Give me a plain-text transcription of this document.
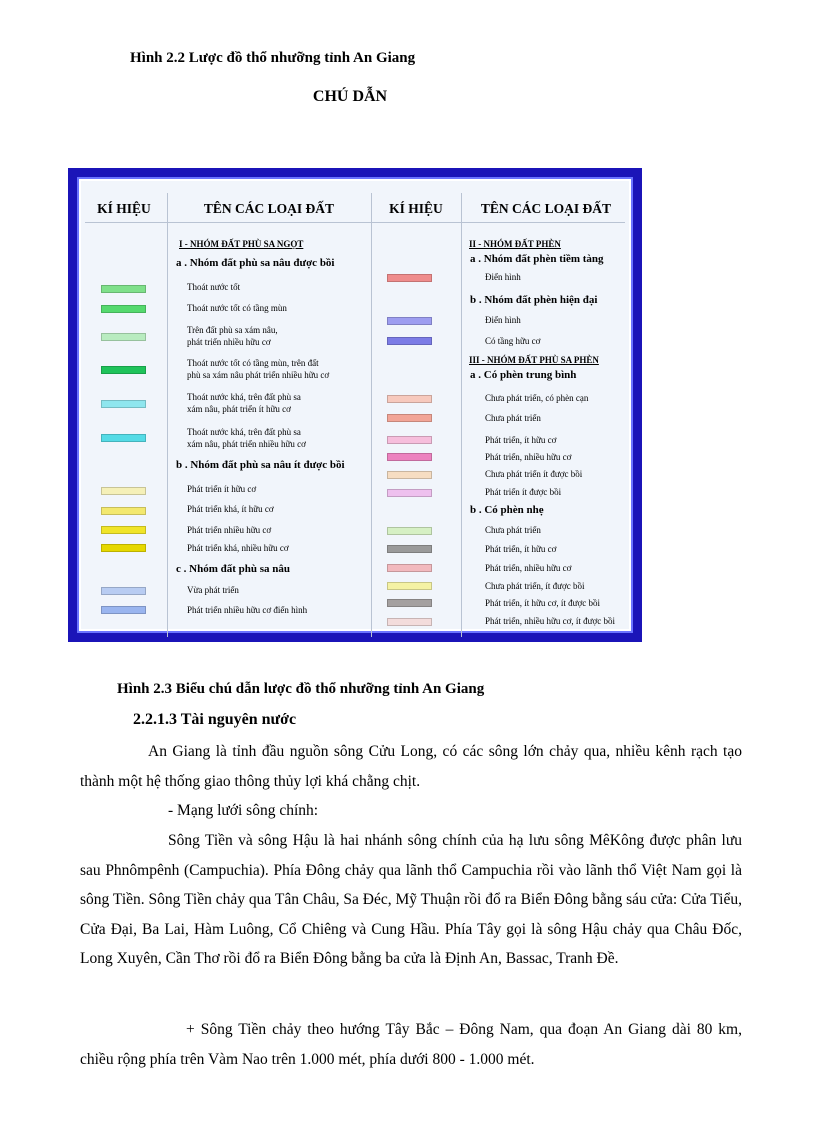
Hình 2.2 Lược đồ thổ nhưỡng tỉnh An Giang
CHÚ DẪN
KÍ HIỆU	TÊN CÁC LOẠI ĐẤT	KÍ HIỆU	TÊN CÁC LOẠI ĐẤT
I - NHÓM ĐẤT PHÙ SA NGỌT
a . Nhóm đất phù sa nâu được bồi
Thoát nước tốt
Thoát nước tốt có tầng mùn
Trên đất phù sa xám nâu,
phát triển nhiều hữu cơ
Thoát nước tốt có tầng mùn, trên đất
phù sa xám nâu phát triển nhiều hữu cơ
Thoát nước khá, trên đất phù sa
xám nâu, phát triển ít hữu cơ
Thoát nước khá, trên đất phù sa
xám nâu, phát triển nhiều hữu cơ
b . Nhóm đất phù sa nâu ít được bồi
Phát triển ít hữu cơ
Phát triển khá, ít hữu cơ
Phát triển nhiều hữu cơ
Phát triển khá, nhiều hữu cơ
c . Nhóm đất phù sa nâu
Vừa phát triển
Phát triển nhiều hữu cơ điển hình
II - NHÓM ĐẤT PHÈN
a . Nhóm đất phèn tiềm tàng
Điển hình
b . Nhóm đất phèn hiện đại
Điển hình
Có tầng hữu cơ
III - NHÓM ĐẤT PHÙ SA PHÈN
a . Có phèn trung bình
Chưa phát triển, có phèn cạn
Chưa phát triển
Phát triển, ít hữu cơ
Phát triển, nhiều hữu cơ
Chưa phát triển ít được bồi
Phát triển ít được bồi
b . Có phèn nhẹ
Chưa phát triển
Phát triển, ít hữu cơ
Phát triển, nhiều hữu cơ
Chưa phát triển, ít được bồi
Phát triển, ít hữu cơ, ít được bồi
Phát triển, nhiều hữu cơ, ít được bồi
Hình 2.3 Biểu chú dẫn lược đồ thổ nhưỡng tỉnh An Giang
2.2.1.3 Tài nguyên nước
An Giang là tỉnh đầu nguồn sông Cửu Long, có các sông lớn chảy qua, nhiều kênh rạch tạo thành một hệ thống giao thông thủy lợi khá chằng chịt.
- Mạng lưới sông chính:
Sông Tiền và sông Hậu là hai nhánh sông chính của hạ lưu sông MêKông được phân lưu sau Phnômpênh (Campuchia). Phía Đông chảy qua lãnh thổ Campuchia rồi vào lãnh thổ Việt Nam gọi là sông Tiền. Sông Tiền chảy qua Tân Châu, Sa Đéc, Mỹ Thuận rồi đổ ra Biển Đông bằng sáu cửa: Cửa Tiểu, Cửa Đại, Ba Lai, Hàm Luông, Cổ Chiêng và Cung Hầu. Phía Tây gọi là sông Hậu chảy qua Châu Đốc, Long Xuyên, Cần Thơ rồi đổ ra Biển Đông bằng ba cửa là Định An, Bassac, Tranh Đề.
+ Sông Tiền chảy theo hướng Tây Bắc – Đông Nam, qua đoạn An Giang dài 80 km, chiều rộng phía trên Vàm Nao trên 1.000 mét, phía dưới 800 - 1.000 mét.
